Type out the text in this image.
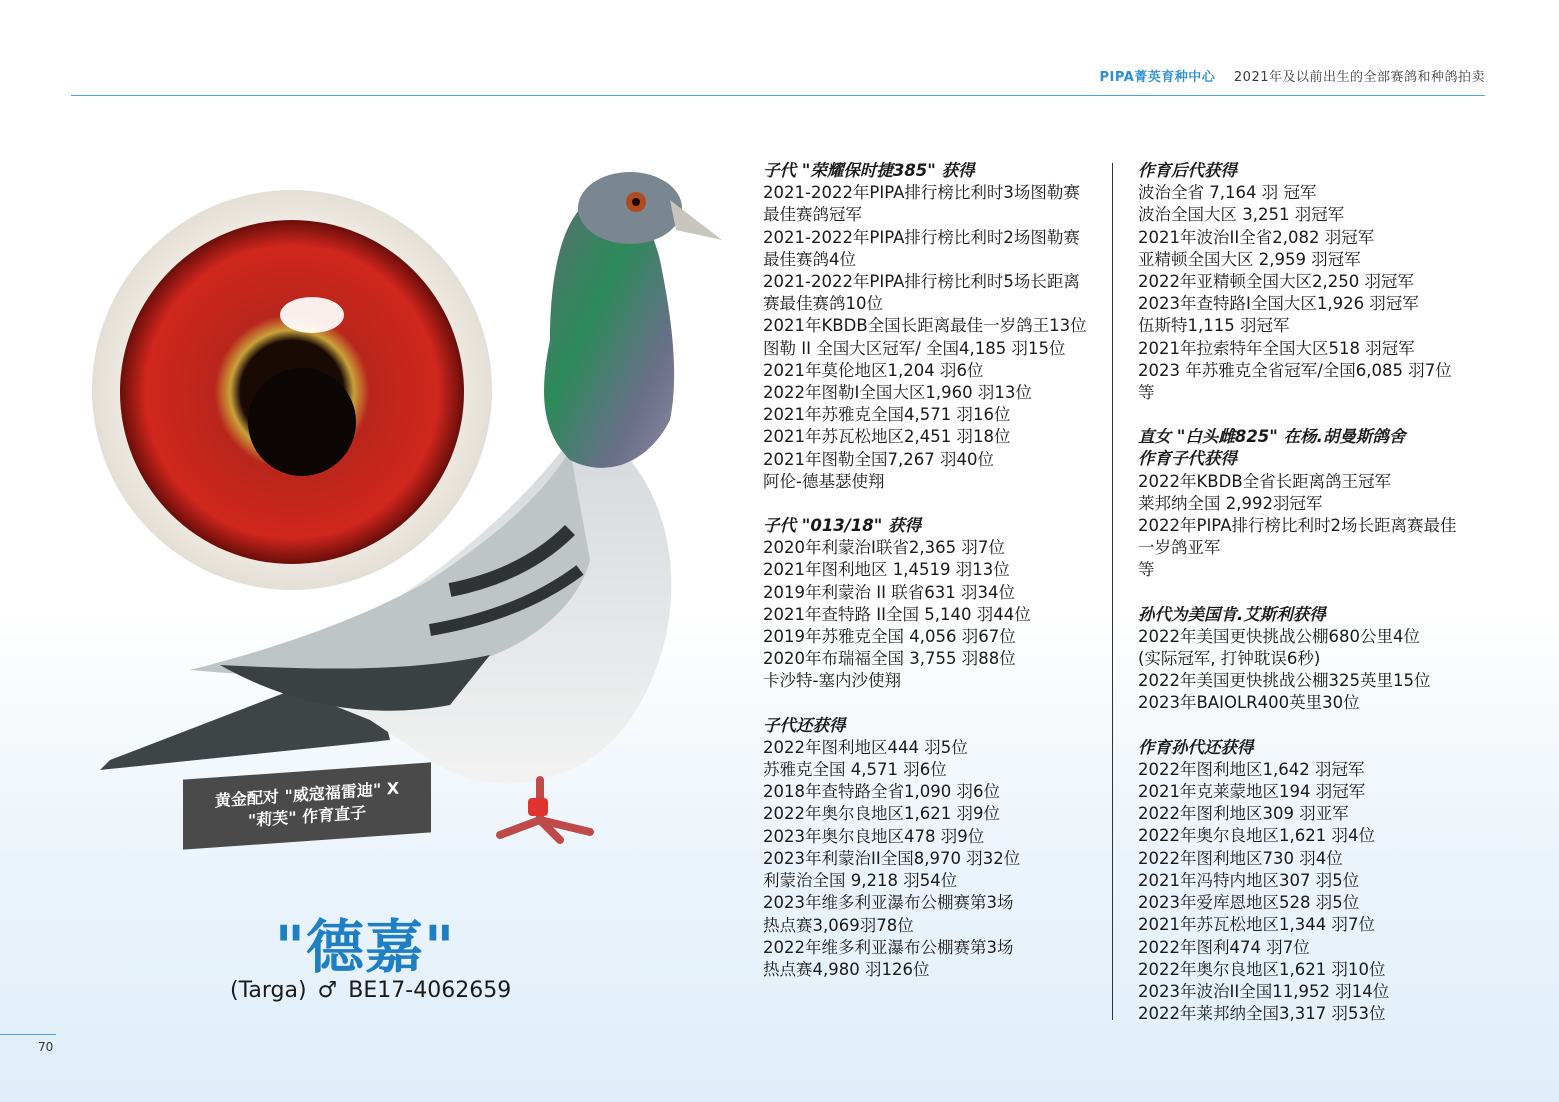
PIPA菁英育种中心 2021年及以前出生的全部赛鸽和种鸽拍卖
黄金配对 "威寇福雷迪" X
"莉芙" 作育直子
"德嘉"
(Targa) ♂ BE17-4062659
70
子代 "荣耀保时捷385" 获得
2021-2022年PIPA排行榜比利时3场图勒赛
最佳赛鸽冠军
2021-2022年PIPA排行榜比利时2场图勒赛
最佳赛鸽4位
2021-2022年PIPA排行榜比利时5场长距离
赛最佳赛鸽10位
2021年KBDB全国长距离最佳一岁鸽王13位
图勒 II 全国大区冠军/ 全国4,185 羽15位
2021年莫伦地区1,204 羽6位
2022年图勒I全国大区1,960 羽13位
2021年苏雅克全国4,571 羽16位
2021年苏瓦松地区2,451 羽18位
2021年图勒全国7,267 羽40位
阿伦-德基瑟使翔
子代 "013/18" 获得
2020年利蒙治I联省2,365 羽7位
2021年图利地区 1,4519 羽13位
2019年利蒙治 II 联省631 羽34位
2021年查特路 II全国 5,140 羽44位
2019年苏雅克全国 4,056 羽67位
2020年布瑞福全国 3,755 羽88位
卡沙特-塞内沙使翔
子代还获得
2022年图利地区444 羽5位
苏雅克全国 4,571 羽6位
2018年查特路全省1,090 羽6位
2022年奥尔良地区1,621 羽9位
2023年奥尔良地区478 羽9位
2023年利蒙治II全国8,970 羽32位
利蒙治全国 9,218 羽54位
2023年维多利亚瀑布公棚赛第3场
热点赛3,069羽78位
2022年维多利亚瀑布公棚赛第3场
热点赛4,980 羽126位
作育后代获得
波治全省 7,164 羽 冠军
波治全国大区 3,251 羽冠军
2021年波治II全省2,082 羽冠军
亚精顿全国大区 2,959 羽冠军
2022年亚精顿全国大区2,250 羽冠军
2023年查特路I全国大区1,926 羽冠军
伍斯特1,115 羽冠军
2021年拉索特年全国大区518 羽冠军
2023 年苏雅克全省冠军/全国6,085 羽7位
等
直女 "白头雌825" 在杨.胡曼斯鸽舍
作育子代获得
2022年KBDB全省长距离鸽王冠军
莱邦纳全国 2,992羽冠军
2022年PIPA排行榜比利时2场长距离赛最佳
一岁鸽亚军
等
孙代为美国肯.艾斯利获得
2022年美国更快挑战公棚680公里4位
(实际冠军, 打钟耽误6秒)
2022年美国更快挑战公棚325英里15位
2023年BAIOLR400英里30位
作育孙代还获得
2022年图利地区1,642 羽冠军
2021年克莱蒙地区194 羽冠军
2022年图利地区309 羽亚军
2022年奥尔良地区1,621 羽4位
2022年图利地区730 羽4位
2021年冯特内地区307 羽5位
2023年爱库恩地区528 羽5位
2021年苏瓦松地区1,344 羽7位
2022年图利474 羽7位
2022年奥尔良地区1,621 羽10位
2023年波治II全国11,952 羽14位
2022年莱邦纳全国3,317 羽53位
